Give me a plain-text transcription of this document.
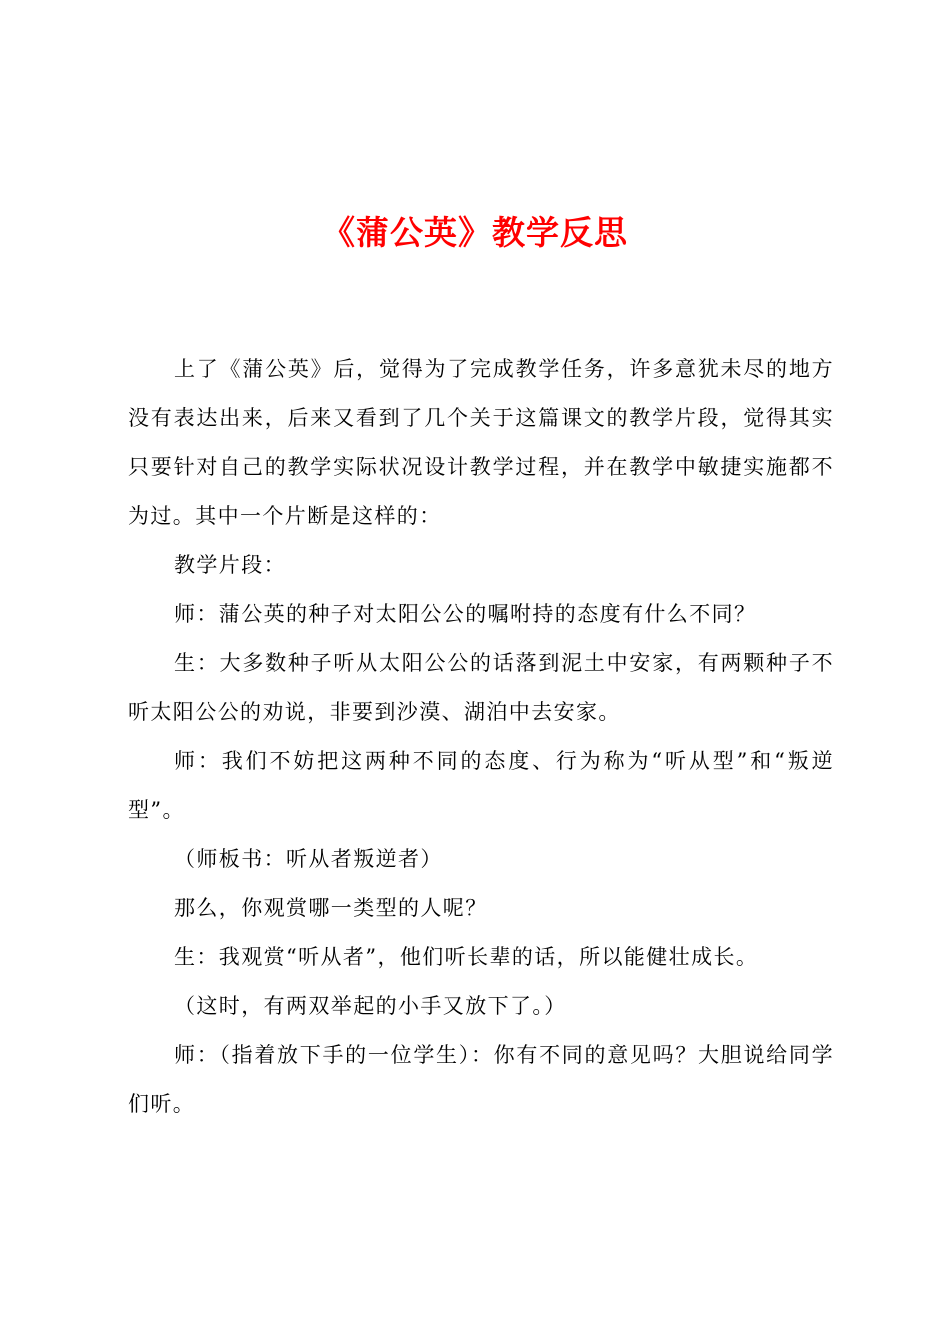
《蒲公英》教学反思

上了《蒲公英》后，觉得为了完成教学任务，许多意犹未尽的地方没有表达出来，后来又看到了几个关于这篇课文的教学片段，觉得其实只要针对自己的教学实际状况设计教学过程，并在教学中敏捷实施都不为过。其中一个片断是这样的：

教学片段：

师：蒲公英的种子对太阳公公的嘱咐持的态度有什么不同？

生：大多数种子听从太阳公公的话落到泥土中安家，有两颗种子不听太阳公公的劝说，非要到沙漠、湖泊中去安家。

师：我们不妨把这两种不同的态度、行为称为“听从型”和“叛逆型”。

（师板书：听从者叛逆者）

那么，你观赏哪一类型的人呢？

生：我观赏“听从者”，他们听长辈的话，所以能健壮成长。

（这时，有两双举起的小手又放下了。）

师：（指着放下手的一位学生）：你有不同的意见吗？大胆说给同学们听。
